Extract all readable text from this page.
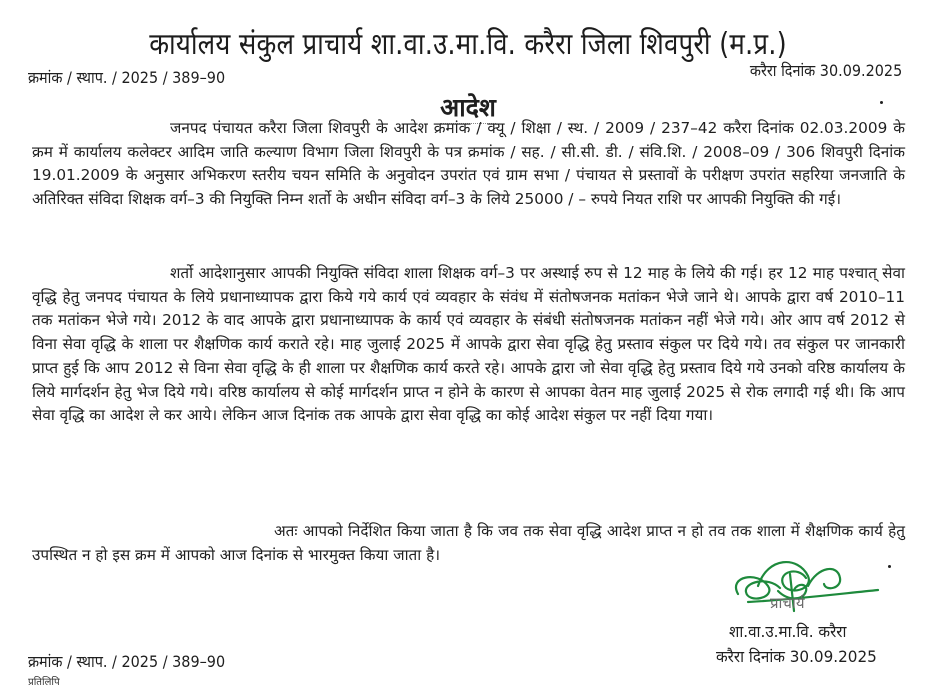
कार्यालय संकुल प्राचार्य शा.वा.उ.मा.वि. करैरा जिला शिवपुरी (म.प्र.)
क्रमांक / स्थाप. / 2025 / 389–90	करैरा दिनांक 30.09.2025
आदेश
जनपद पंचायत करैरा जिला शिवपुरी के आदेश क्रमांक / क्यू / शिक्षा / स्थ. / 2009 / 237–42 करैरा दिनांक 02.03.2009 के क्रम में कार्यालय कलेक्टर आदिम जाति कल्याण विभाग जिला शिवपुरी के पत्र क्रमांक / सह. / सी.सी. डी. / संवि.शि. / 2008–09 / 306 शिवपुरी दिनांक 19.01.2009 के अनुसार अभिकरण स्तरीय चयन समिति के अनुवोदन उपरांत एवं ग्राम सभा / पंचायत से प्रस्तावों के परीक्षण उपरांत सहरिया जनजाति के अतिरिक्त संविदा शिक्षक वर्ग–3 की नियुक्ति निम्न शर्तो के अधीन संविदा वर्ग–3 के लिये 25000 / – रुपये नियत राशि पर आपकी नियुक्ति की गई।
शर्तो आदेशानुसार आपकी नियुक्ति संविदा शाला शिक्षक वर्ग–3 पर अस्थाई रुप से 12 माह के लिये की गई। हर 12 माह पश्चात् सेवा वृद्धि हेतु जनपद पंचायत के लिये प्रधानाध्यापक द्वारा किये गये कार्य एवं व्यवहार के संवंध में संतोषजनक मतांकन भेजे जाने थे। आपके द्वारा वर्ष 2010–11 तक मतांकन भेजे गये। 2012 के वाद आपके द्वारा प्रधानाध्यापक के कार्य एवं व्यवहार के संबंधी संतोषजनक मतांकन नहीं भेजे गये। ओर आप वर्ष 2012 से विना सेवा वृद्धि के शाला पर शैक्षणिक कार्य कराते रहे। माह जुलाई 2025 में आपके द्वारा सेवा वृद्धि हेतु प्रस्ताव संकुल पर दिये गये। तव संकुल पर जानकारी प्राप्त हुई कि आप 2012 से विना सेवा वृद्धि के ही शाला पर शैक्षणिक कार्य करते रहे। आपके द्वारा जो सेवा वृद्धि हेतु प्रस्ताव दिये गये उनको वरिष्ठ कार्यालय के लिये मार्गदर्शन हेतु भेज दिये गये। वरिष्ठ कार्यालय से कोई मार्गदर्शन प्राप्त न होने के कारण से आपका वेतन माह जुलाई 2025 से रोक लगादी गई थी। कि आप सेवा वृद्धि का आदेश ले कर आये। लेकिन आज दिनांक तक आपके द्वारा सेवा वृद्धि का कोई आदेश संकुल पर नहीं दिया गया।
अतः आपको निर्देशित किया जाता है कि जव तक सेवा वृद्धि आदेश प्राप्त न हो तव तक शाला में शैक्षणिक कार्य हेतु उपस्थित न हो इस क्रम में आपको आज दिनांक से भारमुक्त किया जाता है।
प्राचार्य
शा.वा.उ.मा.वि. करैरा
करैरा दिनांक 30.09.2025
क्रमांक / स्थाप. / 2025 / 389–90
प्रतिलिपि
